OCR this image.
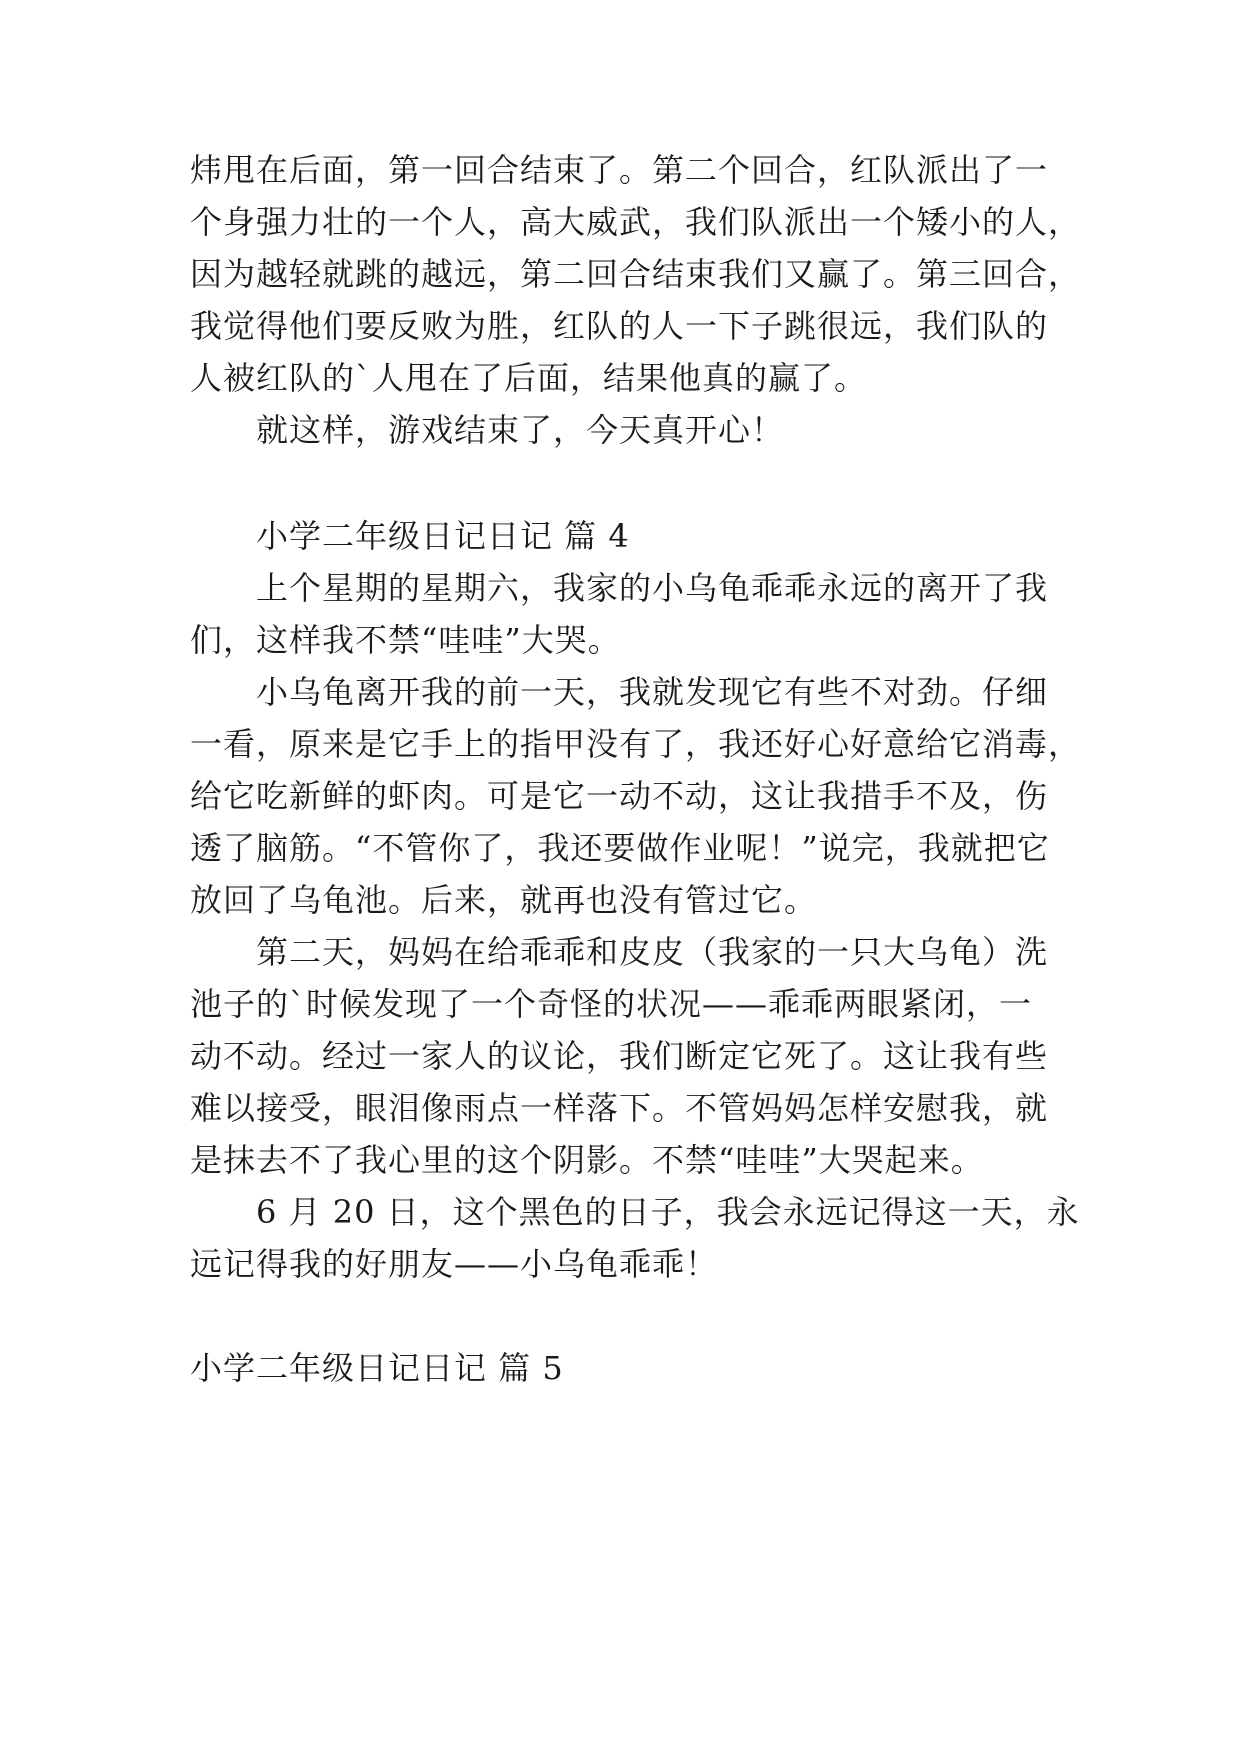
炜甩在后面，第一回合结束了。第二个回合，红队派出了一
个身强力壮的一个人，高大威武，我们队派出一个矮小的人，
因为越轻就跳的越远，第二回合结束我们又赢了。第三回合，
我觉得他们要反败为胜，红队的人一下子跳很远，我们队的
人被红队的`人甩在了后面，结果他真的赢了。
就这样，游戏结束了，今天真开心！
小学二年级日记日记 篇 4
上个星期的星期六，我家的小乌龟乖乖永远的离开了我
们，这样我不禁“哇哇”大哭。
小乌龟离开我的前一天，我就发现它有些不对劲。仔细
一看，原来是它手上的指甲没有了，我还好心好意给它消毒，
给它吃新鲜的虾肉。可是它一动不动，这让我措手不及，伤
透了脑筋。“不管你了，我还要做作业呢！”说完，我就把它
放回了乌龟池。后来，就再也没有管过它。
第二天，妈妈在给乖乖和皮皮（我家的一只大乌龟）洗
池子的`时候发现了一个奇怪的状况——乖乖两眼紧闭，一
动不动。经过一家人的议论，我们断定它死了。这让我有些
难以接受，眼泪像雨点一样落下。不管妈妈怎样安慰我，就
是抹去不了我心里的这个阴影。不禁“哇哇”大哭起来。
6 月 20 日，这个黑色的日子，我会永远记得这一天，永
远记得我的好朋友——小乌龟乖乖！
小学二年级日记日记 篇 5
